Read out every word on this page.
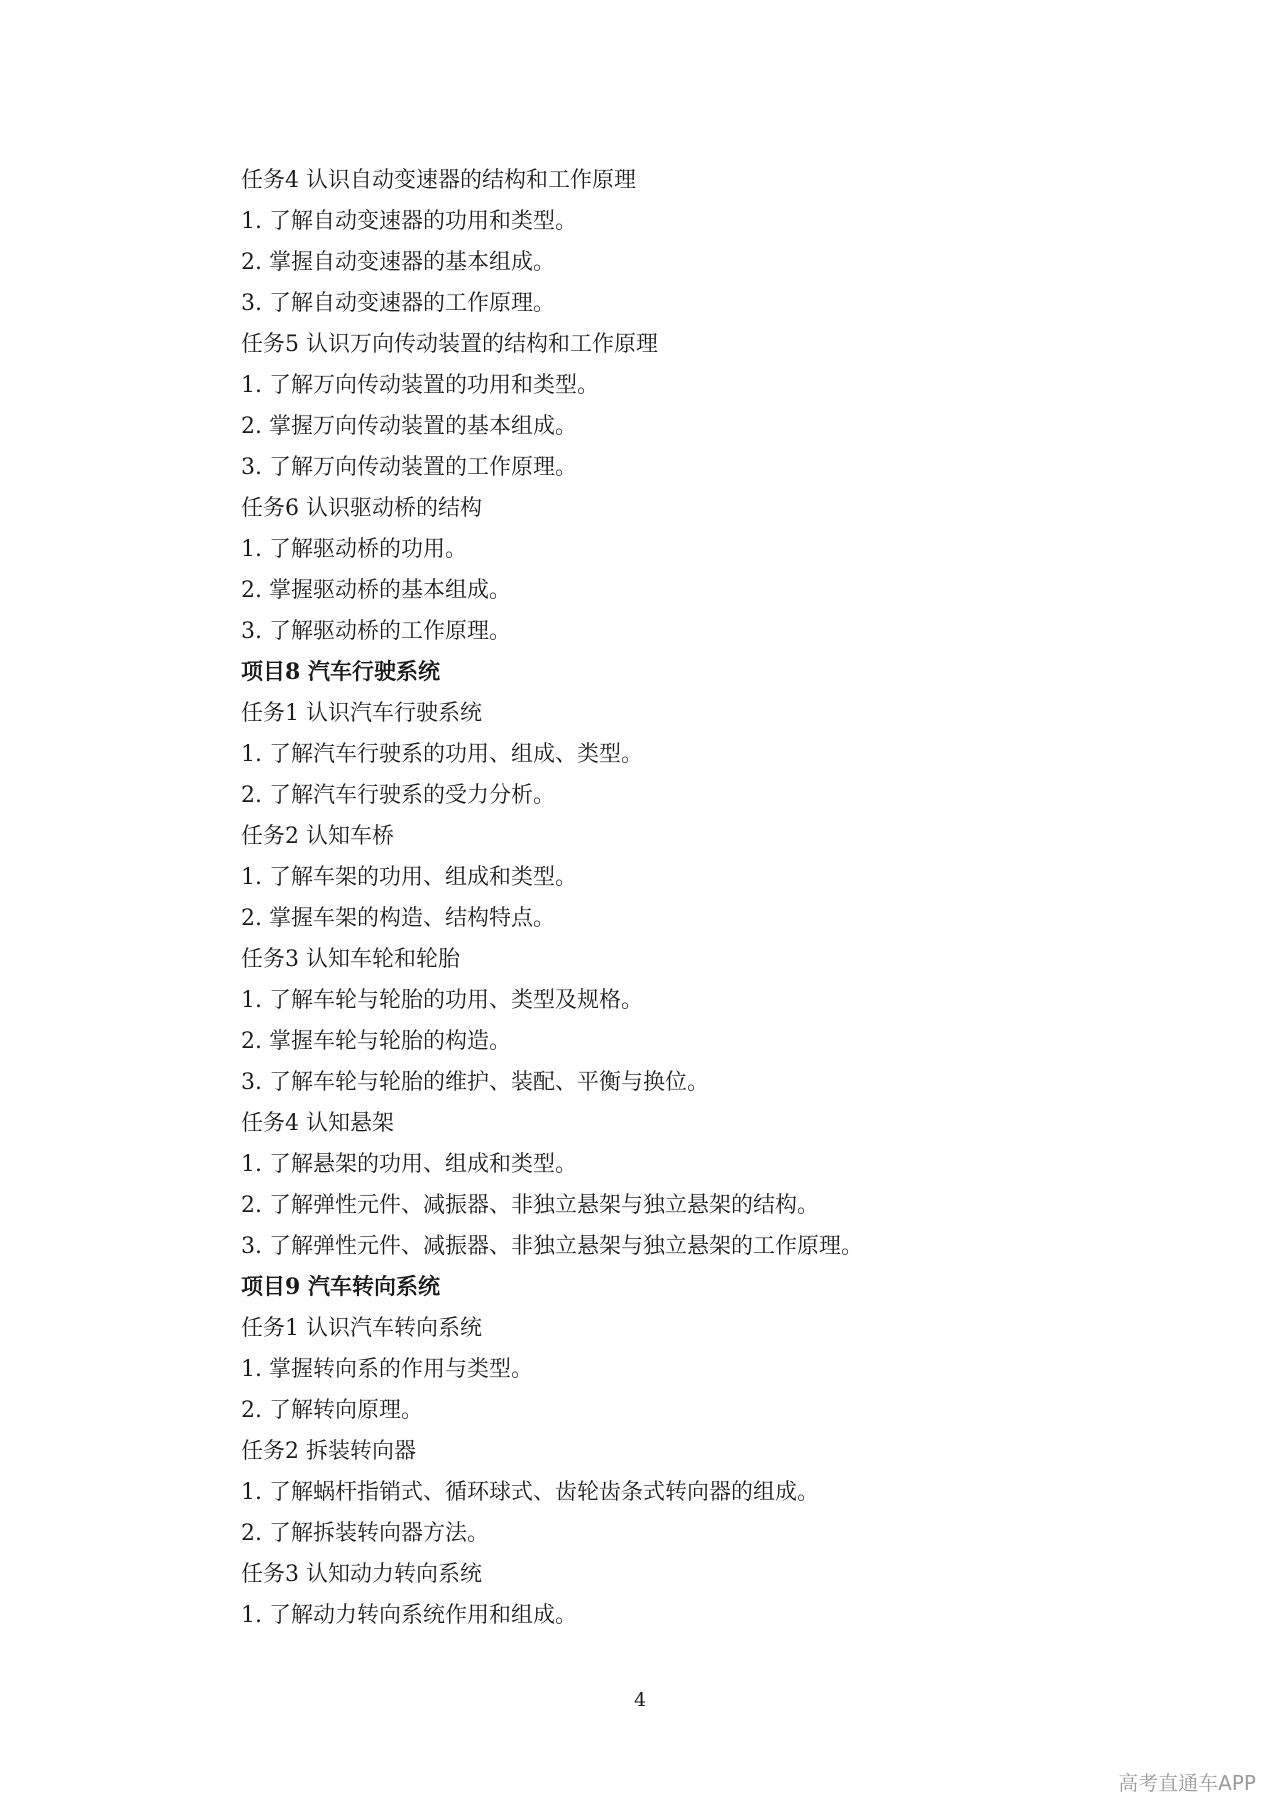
任务4 认识自动变速器的结构和工作原理
1. 了解自动变速器的功用和类型。
2. 掌握自动变速器的基本组成。
3. 了解自动变速器的工作原理。
任务5 认识万向传动装置的结构和工作原理
1. 了解万向传动装置的功用和类型。
2. 掌握万向传动装置的基本组成。
3. 了解万向传动装置的工作原理。
任务6 认识驱动桥的结构
1. 了解驱动桥的功用。
2. 掌握驱动桥的基本组成。
3. 了解驱动桥的工作原理。
项目8 汽车行驶系统
任务1 认识汽车行驶系统
1. 了解汽车行驶系的功用、组成、类型。
2. 了解汽车行驶系的受力分析。
任务2 认知车桥
1. 了解车架的功用、组成和类型。
2. 掌握车架的构造、结构特点。
任务3 认知车轮和轮胎
1. 了解车轮与轮胎的功用、类型及规格。
2. 掌握车轮与轮胎的构造。
3. 了解车轮与轮胎的维护、装配、平衡与换位。
任务4 认知悬架
1. 了解悬架的功用、组成和类型。
2. 了解弹性元件、减振器、非独立悬架与独立悬架的结构。
3. 了解弹性元件、减振器、非独立悬架与独立悬架的工作原理。
项目9 汽车转向系统
任务1 认识汽车转向系统
1. 掌握转向系的作用与类型。
2. 了解转向原理。
任务2 拆装转向器
1. 了解蜗杆指销式、循环球式、齿轮齿条式转向器的组成。
2. 了解拆装转向器方法。
任务3 认知动力转向系统
1. 了解动力转向系统作用和组成。
4
高考直通车APP
